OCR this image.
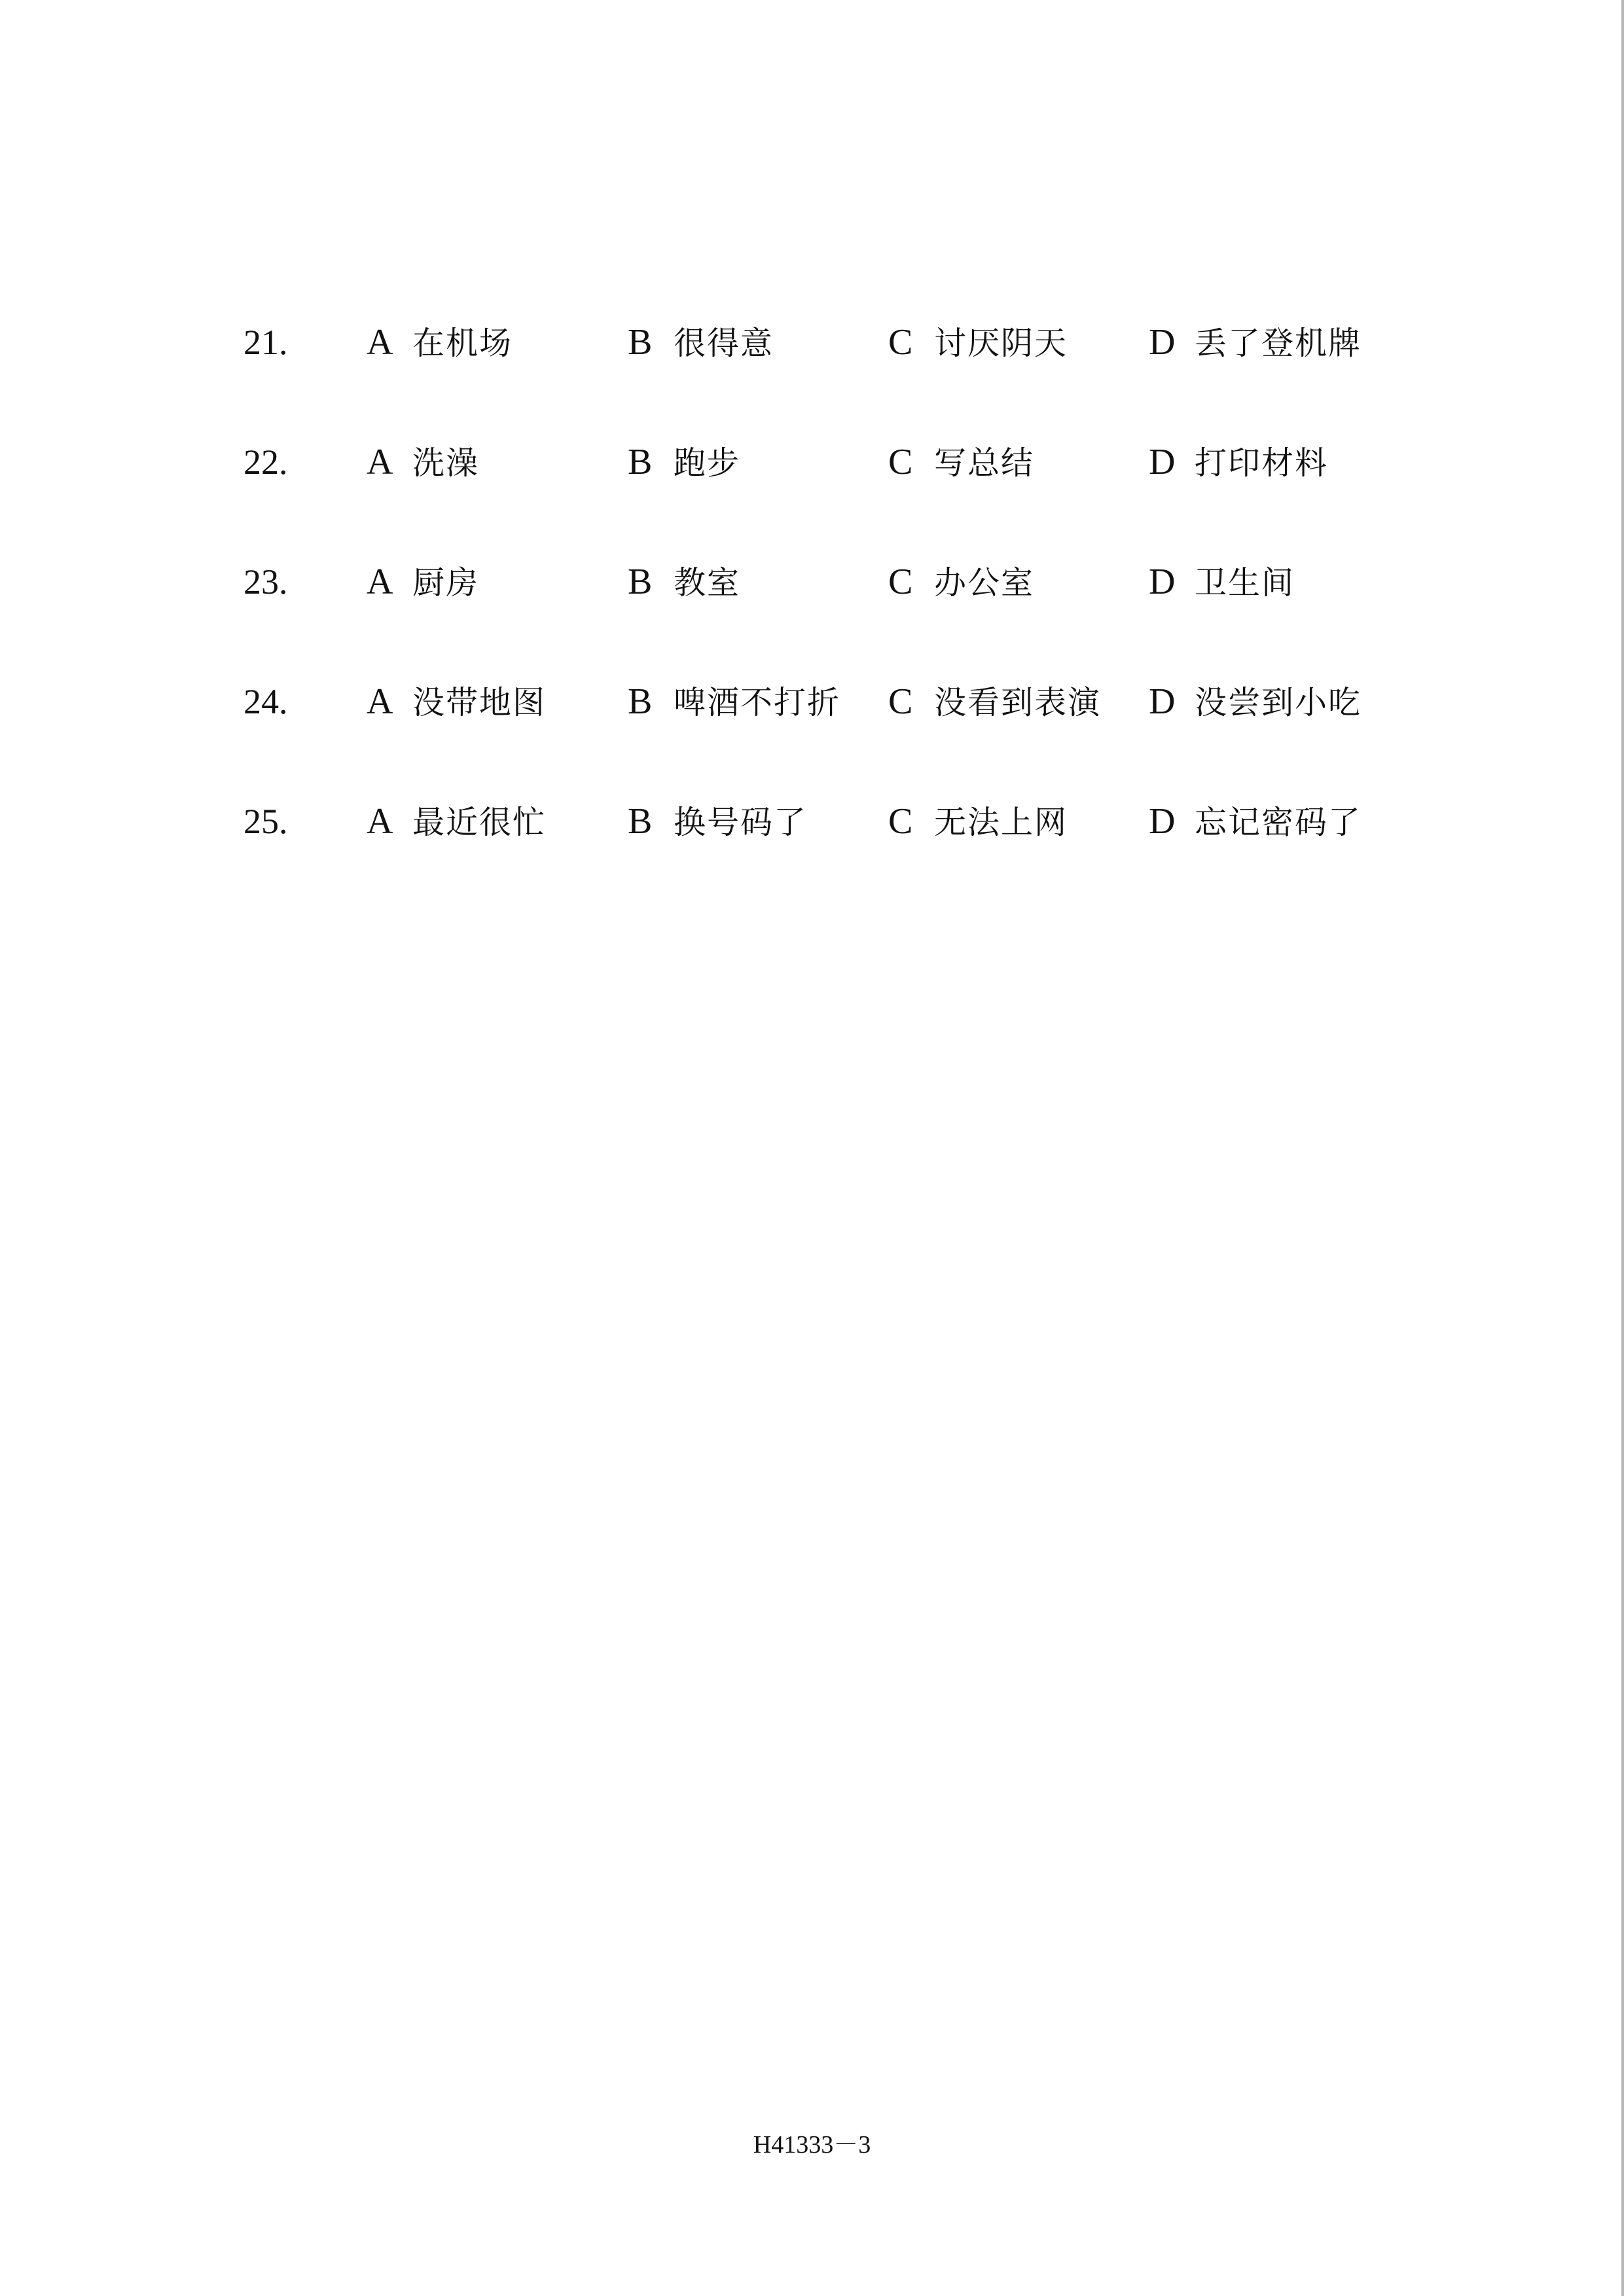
21. A 在机场	B 很得意	C 讨厌阴天 D 丢了登机牌
22. A 洗澡	B 跑步	C 写总结	D 打印材料
23. A 厨房	B 教室	C 办公室	D 卫生间
24. A 没带地图 B 啤酒不打折 C 没看到表演 D 没尝到小吃
25. A 最近很忙 B 换号码了 C 无法上网 D 忘记密码了
H41333－3
